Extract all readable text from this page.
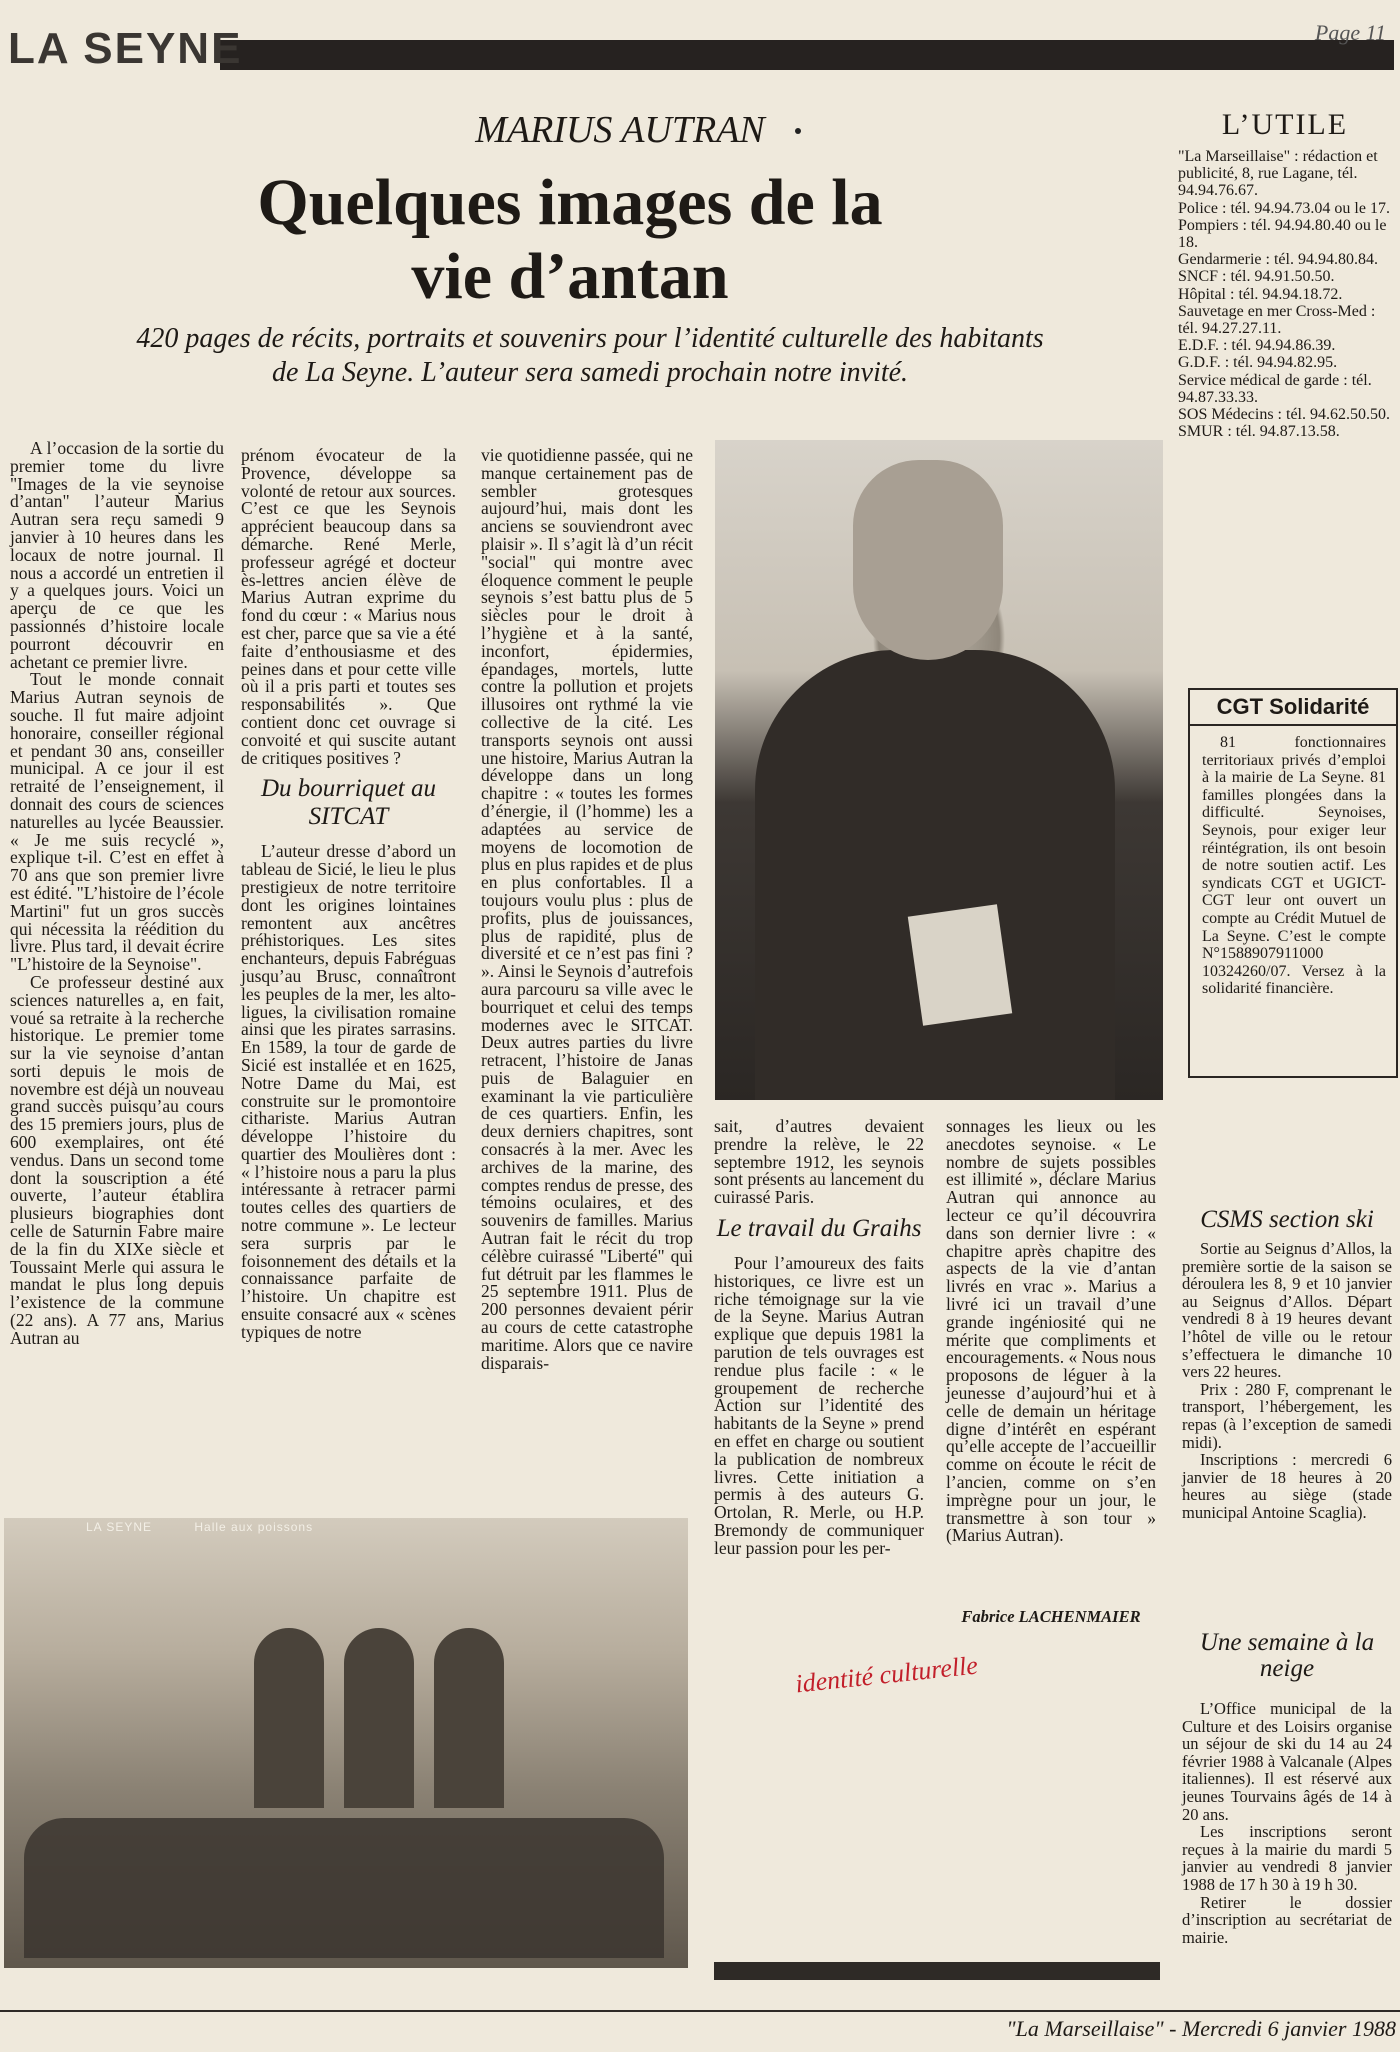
LA SEYNE	Page 11
MARIUS AUTRAN
Quelques images de la vie d’antan
420 pages de récits, portraits et souvenirs pour l’identité culturelle des habitants de La Seyne. L’auteur sera samedi prochain notre invité.

A l’occasion de la sortie du premier tome du livre "Images de la vie seynoise d’antan" l’auteur Marius Autran sera reçu samedi 9 janvier à 10 heures dans les locaux de notre journal. Il nous a accordé un entretien il y a quelques jours. Voici un aperçu de ce que les passionnés d’histoire locale pourront découvrir en achetant ce premier livre.

Tout le monde connait Marius Autran seynois de souche. Il fut maire adjoint honoraire, conseiller régional et pendant 30 ans, conseiller municipal. A ce jour il est retraité de l’enseignement, il donnait des cours de sciences naturelles au lycée Beaussier. « Je me suis recyclé », explique t-il. C’est en effet à 70 ans que son premier livre est édité. "L’histoire de l’école Martini" fut un gros succès qui nécessita la réédition du livre. Plus tard, il devait écrire "L’histoire de la Seynoise".

Ce professeur destiné aux sciences naturelles a, en fait, voué sa retraite à la recherche historique. Le premier tome sur la vie seynoise d’antan sorti depuis le mois de novembre est déjà un nouveau grand succès puisqu’au cours des 15 premiers jours, plus de 600 exemplaires, ont été vendus. Dans un second tome dont la souscription a été ouverte, l’auteur établira plusieurs biographies dont celle de Saturnin Fabre maire de la fin du XIXe siècle et Toussaint Merle qui assura le mandat le plus long depuis l’existence de la commune (22 ans). A 77 ans, Marius Autran au

prénom évocateur de la Provence, développe sa volonté de retour aux sources. C’est ce que les Seynois apprécient beaucoup dans sa démarche. René Merle, professeur agrégé et docteur ès-lettres ancien élève de Marius Autran exprime du fond du cœur : « Marius nous est cher, parce que sa vie a été faite d’enthousiasme et des peines dans et pour cette ville où il a pris parti et toutes ses responsabilités ». Que contient donc cet ouvrage si convoité et qui suscite autant de critiques positives ?

Du bourriquet au SITCAT

L’auteur dresse d’abord un tableau de Sicié, le lieu le plus prestigieux de notre territoire dont les origines lointaines remontent aux ancêtres préhistoriques. Les sites enchanteurs, depuis Fabréguas jusqu’au Brusc, connaîtront les peuples de la mer, les alto-ligues, la civilisation romaine ainsi que les pirates sarrasins. En 1589, la tour de garde de Sicié est installée et en 1625, Notre Dame du Mai, est construite sur le promontoire cithariste. Marius Autran développe l’histoire du quartier des Moulières dont : « l’histoire nous a paru la plus intéressante à retracer parmi toutes celles des quartiers de notre commune ». Le lecteur sera surpris par le foisonnement des détails et la connaissance parfaite de l’histoire. Un chapitre est ensuite consacré aux « scènes typiques de notre

vie quotidienne passée, qui ne manque certainement pas de sembler grotesques aujourd’hui, mais dont les anciens se souviendront avec plaisir ». Il s’agit là d’un récit "social" qui montre avec éloquence comment le peuple seynois s’est battu plus de 5 siècles pour le droit à l’hygiène et à la santé, inconfort, épidermies, épandages, mortels, lutte contre la pollution et projets illusoires ont rythmé la vie collective de la cité. Les transports seynois ont aussi une histoire, Marius Autran la développe dans un long chapitre : « toutes les formes d’énergie, il (l’homme) les a adaptées au service de moyens de locomotion de plus en plus rapides et de plus en plus confortables. Il a toujours voulu plus : plus de profits, plus de jouissances, plus de rapidité, plus de diversité et ce n’est pas fini ? ». Ainsi le Seynois d’autrefois aura parcouru sa ville avec le bourriquet et celui des temps modernes avec le SITCAT. Deux autres parties du livre retracent, l’histoire de Janas puis de Balaguier en examinant la vie particulière de ces quartiers. Enfin, les deux derniers chapitres, sont consacrés à la mer. Avec les archives de la marine, des comptes rendus de presse, des témoins oculaires, et des souvenirs de familles. Marius Autran fait le récit du trop célèbre cuirassé "Liberté" qui fut détruit par les flammes le 25 septembre 1911. Plus de 200 personnes devaient périr au cours de cette catastrophe maritime. Alors que ce navire disparais-

sait, d’autres devaient prendre la relève, le 22 septembre 1912, les seynois sont présents au lancement du cuirassé Paris.

Le travail du Graihs

Pour l’amoureux des faits historiques, ce livre est un riche témoignage sur la vie de la Seyne. Marius Autran explique que depuis 1981 la parution de tels ouvrages est rendue plus facile : « le groupement de recherche Action sur l’identité des habitants de la Seyne » prend en effet en charge ou soutient la publication de nombreux livres. Cette initiation a permis à des auteurs G. Ortolan, R. Merle, ou H.P. Bremondy de communiquer leur passion pour les per-

sonnages les lieux ou les anecdotes seynoise. « Le nombre de sujets possibles est illimité », déclare Marius Autran qui annonce au lecteur ce qu’il découvrira dans son dernier livre : « chapitre après chapitre des aspects de la vie d’antan livrés en vrac ». Marius a livré ici un travail d’une grande ingéniosité qui ne mérite que compliments et encouragements. « Nous nous proposons de léguer à la jeunesse d’aujourd’hui et à celle de demain un héritage digne d’intérêt en espérant qu’elle accepte de l’accueillir comme on écoute le récit de l’ancien, comme on s’en imprègne pour un jour, le transmettre à son tour » (Marius Autran).

Fabrice LACHENMAIER
identité culturelle
LA SEYNE	Halle aux poissons
L’UTILE
"La Marseillaise" : rédaction et publicité, 8, rue Lagane, tél. 94.94.76.67.
Police : tél. 94.94.73.04 ou le 17.
Pompiers : tél. 94.94.80.40 ou le 18.
Gendarmerie : tél. 94.94.80.84.
SNCF : tél. 94.91.50.50.
Hôpital : tél. 94.94.18.72.
Sauvetage en mer Cross-Med : tél. 94.27.27.11.
E.D.F. : tél. 94.94.86.39.
G.D.F. : tél. 94.94.82.95.
Service médical de garde : tél. 94.87.33.33.
SOS Médecins : tél. 94.62.50.50.
SMUR : tél. 94.87.13.58.
CGT Solidarité
81 fonctionnaires territoriaux privés d’emploi à la mairie de La Seyne. 81 familles plongées dans la difficulté. Seynoises, Seynois, pour exiger leur réintégration, ils ont besoin de notre soutien actif. Les syndicats CGT et UGICT-CGT leur ont ouvert un compte au Crédit Mutuel de La Seyne. C’est le compte N°1588907911000 10324260/07. Versez à la solidarité financière.
CSMS section ski

Sortie au Seignus d’Allos, la première sortie de la saison se déroulera les 8, 9 et 10 janvier au Seignus d’Allos. Départ vendredi 8 à 19 heures devant l’hôtel de ville ou le retour s’effectuera le dimanche 10 vers 22 heures.

Prix : 280 F, comprenant le transport, l’hébergement, les repas (à l’exception de samedi midi).

Inscriptions : mercredi 6 janvier de 18 heures à 20 heures au siège (stade municipal Antoine Scaglia).

Une semaine à la neige

L’Office municipal de la Culture et des Loisirs organise un séjour de ski du 14 au 24 février 1988 à Valcanale (Alpes italiennes). Il est réservé aux jeunes Tourvains âgés de 14 à 20 ans.

Les inscriptions seront reçues à la mairie du mardi 5 janvier au vendredi 8 janvier 1988 de 17 h 30 à 19 h 30.

Retirer le dossier d’inscription au secrétariat de mairie.

"La Marseillaise" - Mercredi 6 janvier 1988
